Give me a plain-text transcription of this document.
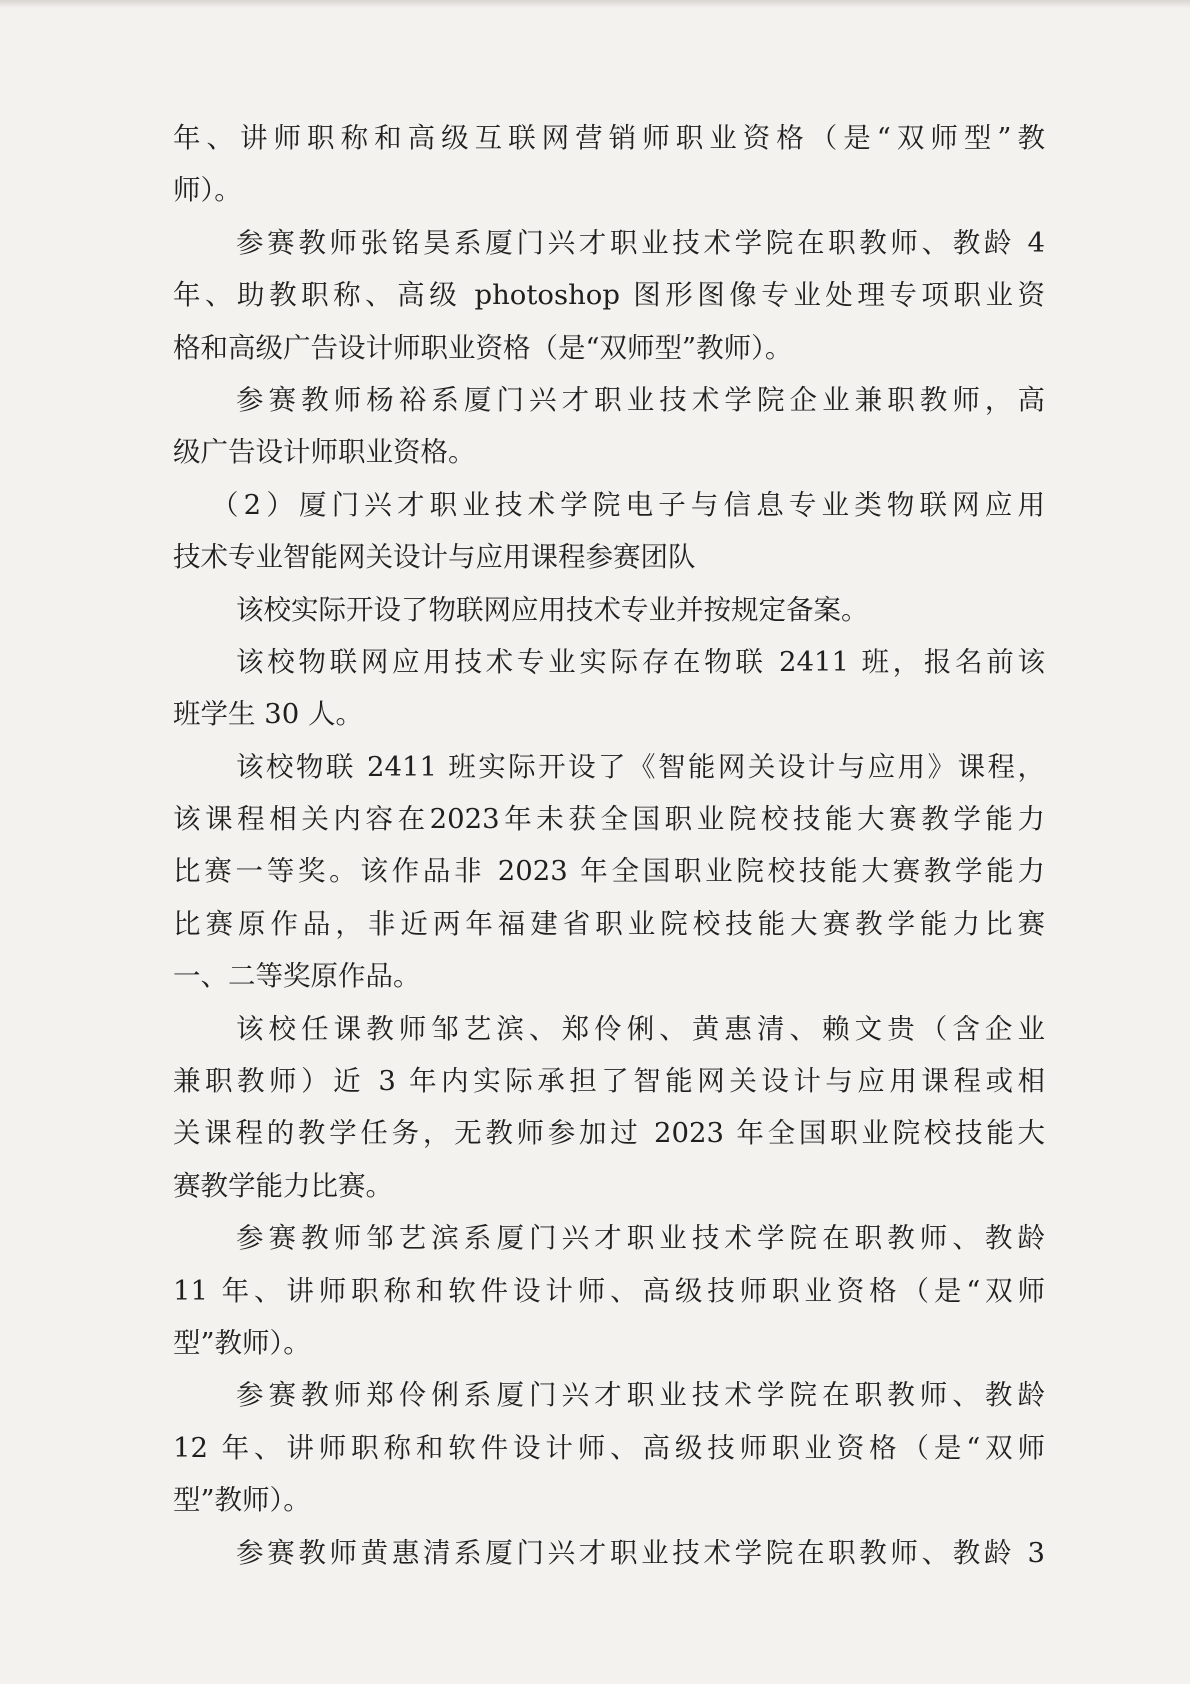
年、讲师职称和高级互联网营销师职业资格（是“双师型”教

师）。

参赛教师张铭昊系厦门兴才职业技术学院在职教师、教龄 4

年、助教职称、高级 photoshop 图形图像专业处理专项职业资

格和高级广告设计师职业资格（是“双师型”教师）。

参赛教师杨裕系厦门兴才职业技术学院企业兼职教师，高

级广告设计师职业资格。

（2）厦门兴才职业技术学院电子与信息专业类物联网应用

技术专业智能网关设计与应用课程参赛团队

该校实际开设了物联网应用技术专业并按规定备案。

该校物联网应用技术专业实际存在物联 2411 班，报名前该

班学生 30 人。

该校物联 2411 班实际开设了《智能网关设计与应用》课程，

该课程相关内容在2023年未获全国职业院校技能大赛教学能力

比赛一等奖。该作品非 2023 年全国职业院校技能大赛教学能力

比赛原作品，非近两年福建省职业院校技能大赛教学能力比赛

一、二等奖原作品。

该校任课教师邹艺滨、郑伶俐、黄惠清、赖文贵（含企业

兼职教师）近 3 年内实际承担了智能网关设计与应用课程或相

关课程的教学任务，无教师参加过 2023 年全国职业院校技能大

赛教学能力比赛。

参赛教师邹艺滨系厦门兴才职业技术学院在职教师、教龄

11 年、讲师职称和软件设计师、高级技师职业资格（是“双师

型”教师）。

参赛教师郑伶俐系厦门兴才职业技术学院在职教师、教龄

12 年、讲师职称和软件设计师、高级技师职业资格（是“双师

型”教师）。

参赛教师黄惠清系厦门兴才职业技术学院在职教师、教龄 3
